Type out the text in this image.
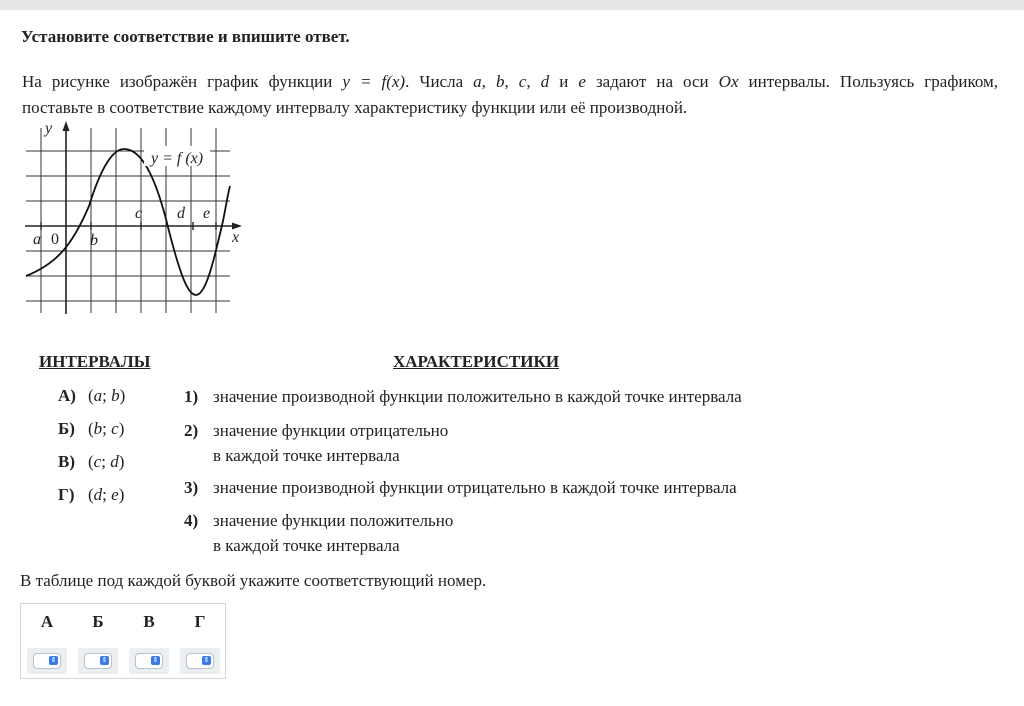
Установите соответствие и впишите ответ.
На рисунке изображён график функции y = f(x). Числа a, b, c, d и e задают на оси Ox интервалы. Пользуясь графиком,
поставьте в соответствие каждому интервалу характеристику функции или её производной.
y = f (x)
y
x
a 0 b
c d e
ИНТЕРВАЛЫ	ХАРАКТЕРИСТИКИ
А) (a; b)
Б) (b; c)
В) (c; d)
Г) (d; e)
1) значение производной функции положительно в каждой точке интервала
2) значение функции отрицательно
в каждой точке интервала
3) значение производной функции отрицательно в каждой точке интервала
4) значение функции положительно
в каждой точке интервала
В таблице под каждой буквой укажите соответствующий номер.
А	Б	В	Г
⇕	⇕	⇕	⇕
